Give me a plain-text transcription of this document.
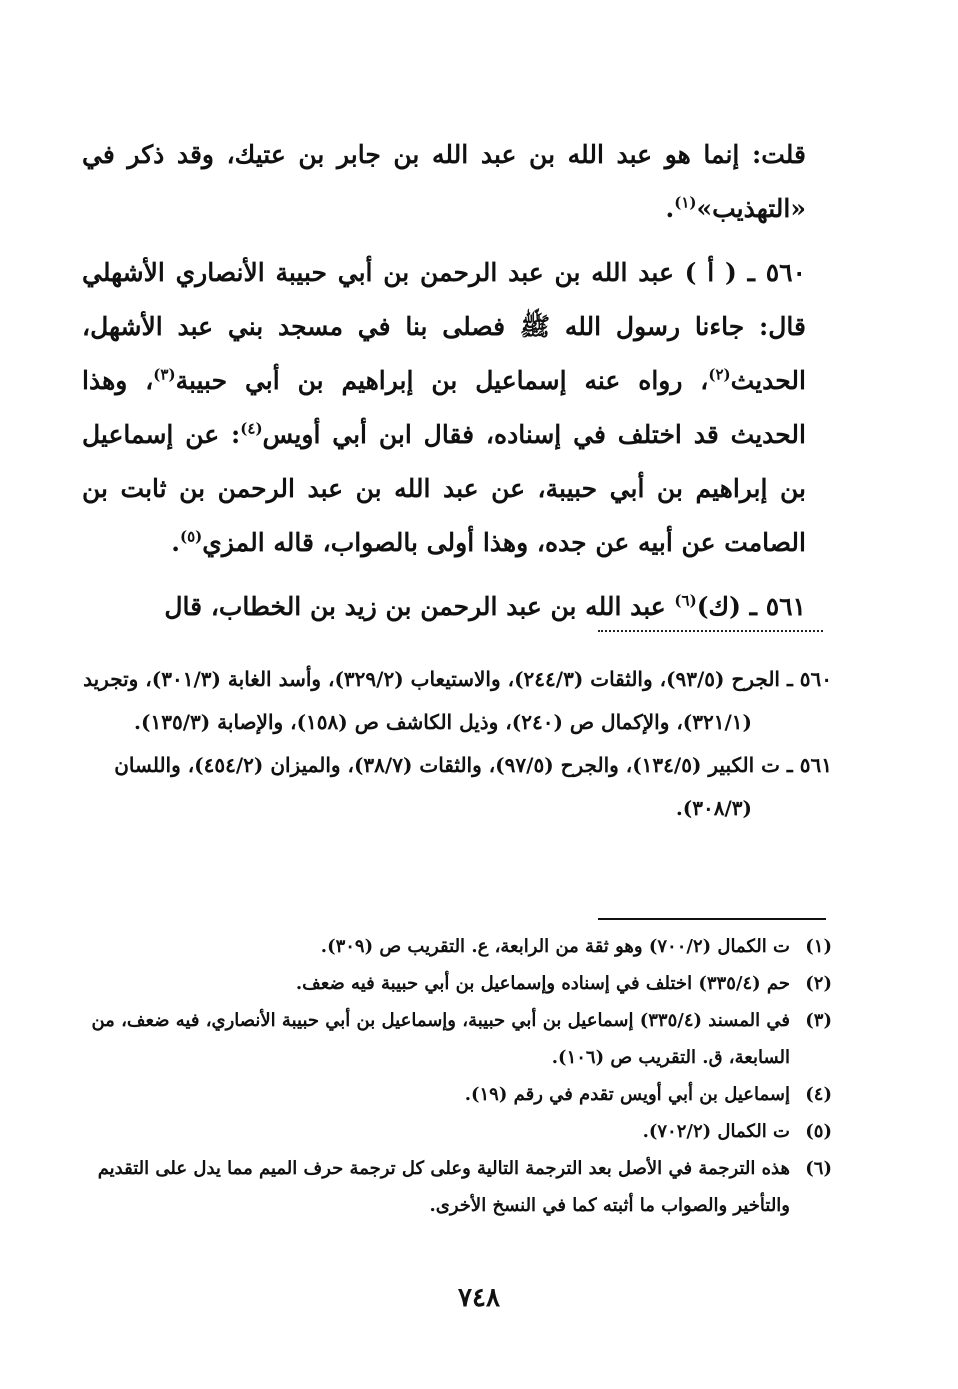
قلت: إنما هو عبد الله بن عبد الله بن جابر بن عتيك، وقد ذكر في «التهذيب»$^{(١)}$.

٥٦٠ ـ ( أ ) عبد الله بن عبد الرحمن بن أبي حبيبة الأنصاري الأشهلي قال: جاءنا رسول الله ﷺ فصلى بنا في مسجد بني عبد الأشهل، الحديث$^{(٢)}$، رواه عنه إسماعيل بن إبراهيم بن أبي حبيبة$^{(٣)}$، وهذا الحديث قد اختلف في إسناده، فقال ابن أبي أويس$^{(٤)}$: عن إسماعيل بن إبراهيم بن أبي حبيبة، عن عبد الله بن عبد الرحمن بن ثابت بن الصامت عن أبيه عن جده، وهذا أولى بالصواب، قاله المزي$^{(٥)}$.

٥٦١ ـ (ك)$^{(٦)}$ عبد الله بن عبد الرحمن بن زيد بن الخطاب، قال

٥٦٠ ـ الجرح (٩٣/٥)، والثقات (٢٤٤/٣)، والاستيعاب (٣٢٩/٢)، وأسد الغابة (٣٠١/٣)، وتجريد (٣٢١/١)، والإكمال ص (٢٤٠)، وذيل الكاشف ص (١٥٨)، والإصابة (١٣٥/٣).

٥٦١ ـ ت الكبير (١٣٤/٥)، والجرح (٩٧/٥)، والثقات (٣٨/٧)، والميزان (٤٥٤/٢)، واللسان (٣٠٨/٣).

(١)
ت الكمال (٧٠٠/٢) وهو ثقة من الرابعة، ع. التقريب ص (٣٠٩).
(٢)
حم (٣٣٥/٤) اختلف في إسناده وإسماعيل بن أبي حبيبة فيه ضعف.
(٣)
في المسند (٣٣٥/٤) إسماعيل بن أبي حبيبة، وإسماعيل بن أبي حبيبة الأنصاري، فيه ضعف، من السابعة، ق. التقريب ص (١٠٦).
(٤)
إسماعيل بن أبي أويس تقدم في رقم (١٩).
(٥)
ت الكمال (٧٠٢/٢).
(٦)
هذه الترجمة في الأصل بعد الترجمة التالية وعلى كل ترجمة حرف الميم مما يدل على التقديم والتأخير والصواب ما أثبته كما في النسخ الأخرى.
٧٤٨
